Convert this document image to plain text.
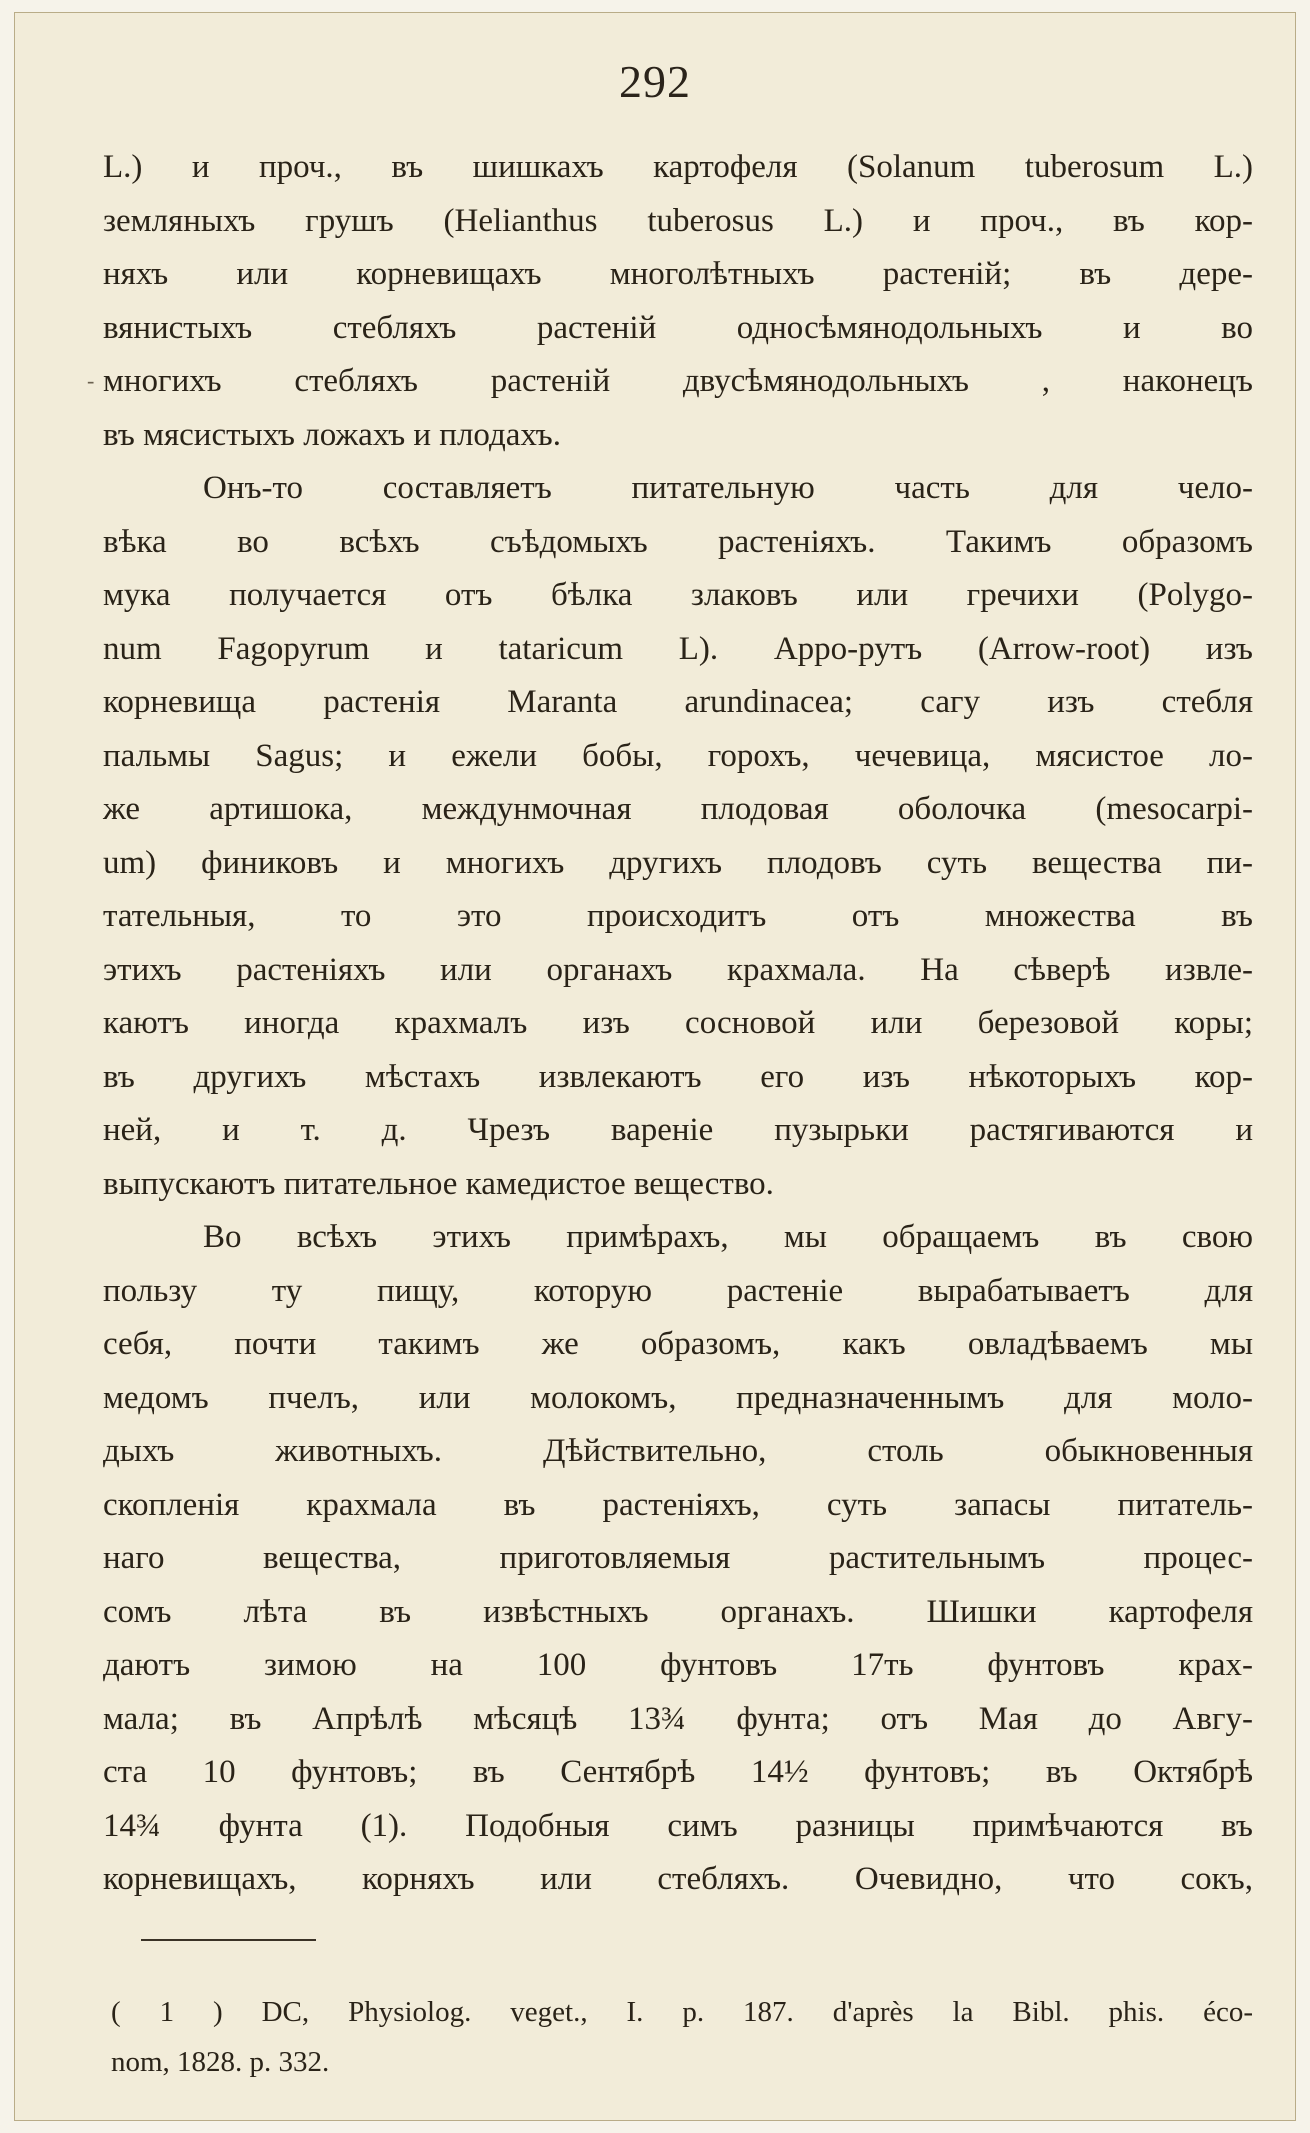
292
-
L.) и проч., въ шишкахъ картофеля (Solanum tuberosum L.)
земляныхъ грушъ (Helianthus tuberosus L.) и проч., въ кор-
няхъ или корневищахъ многолѣтныхъ растеній; въ дере-
вянистыхъ стебляхъ растеній односѣмянодольныхъ и во
многихъ стебляхъ растеній двусѣмянодольныхъ , наконецъ
въ мясистыхъ ложахъ и плодахъ.
Онъ-то составляетъ питательную часть для чело-
вѣка во всѣхъ съѣдомыхъ растеніяхъ. Такимъ образомъ
мука получается отъ бѣлка злаковъ или гречихи (Polygo-
num Fagopyrum и tataricum L). Арро-рутъ (Arrow-root) изъ
корневища растенія Maranta arundinacea; сагу изъ стебля
пальмы Sagus; и ежели бобы, горохъ, чечевица, мясистое ло-
же артишока, междунмочная плодовая оболочка (mesocarpi-
um) финиковъ и многихъ другихъ плодовъ суть вещества пи-
тательныя, то это происходитъ отъ множества въ
этихъ растеніяхъ или органахъ крахмала. На сѣверѣ извле-
каютъ иногда крахмалъ изъ сосновой или березовой коры;
въ другихъ мѣстахъ извлекаютъ его изъ нѣкоторыхъ кор-
ней, и т. д. Чрезъ вареніе пузырьки растягиваются и
выпускаютъ питательное камедистое вещество.
Во всѣхъ этихъ примѣрахъ, мы обращаемъ въ свою
пользу ту пищу, которую растеніе вырабатываетъ для
себя, почти такимъ же образомъ, какъ овладѣваемъ мы
медомъ пчелъ, или молокомъ, предназначеннымъ для моло-
дыхъ животныхъ. Дѣйствительно, столь обыкновенныя
скопленія крахмала въ растеніяхъ, суть запасы питатель-
наго вещества, приготовляемыя растительнымъ процес-
сомъ лѣта въ извѣстныхъ органахъ. Шишки картофеля
даютъ зимою на 100 фунтовъ 17ть фунтовъ крах-
мала; въ Апрѣлѣ мѣсяцѣ 13¾ фунта; отъ Мая до Авгу-
ста 10 фунтовъ; въ Сентябрѣ 14½ фунтовъ; въ Октябрѣ
14¾ фунта (1). Подобныя симъ разницы примѣчаются въ
корневищахъ, корняхъ или стебляхъ. Очевидно, что сокъ,
( 1 ) DC, Physiolog. veget., I. p. 187. d'après la Bibl. phis. éco-
nom, 1828. p. 332.
